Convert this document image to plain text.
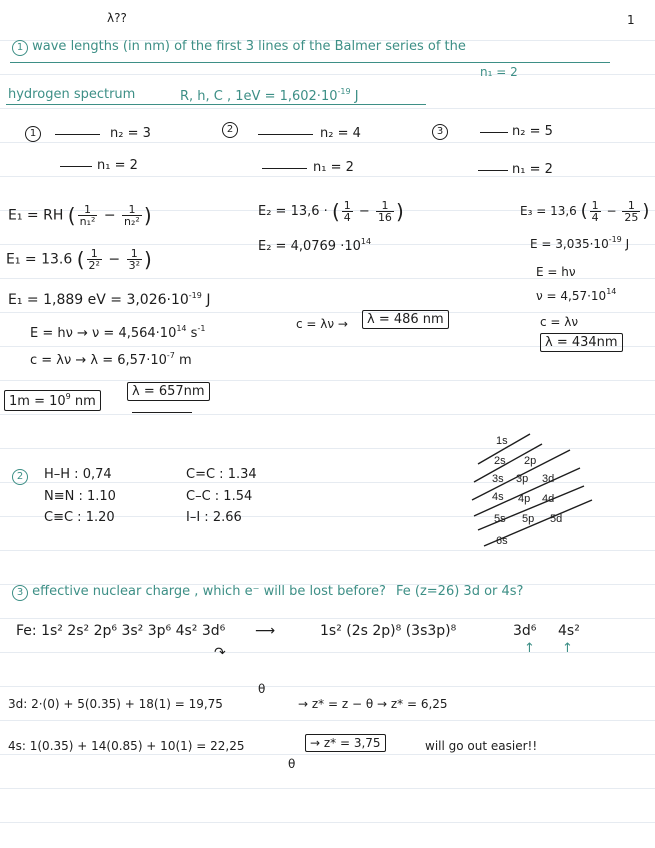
1
λ??
1 wave lengths (in nm) of the first 3 lines of the Balmer series of the
n₁ = 2
hydrogen spectrum	R, h, C , $1eV = 1,602\cdot 10^{-19}$ J
1	n₂ = 3
n₁ = 2
2	n₂ = 4
n₁ = 2
3	n₂ = 5
n₁ = 2
E₁ = RH ( $\frac{1}{\text{n₁²}} - \frac{1}{\text{n₂²}}$ )
E₁ = 13.6 ( $\frac{1}{\text{2²}} - \frac{1}{\text{3²}}$ )
E₁ = 1,889 eV = $3,026\cdot 10^{-19}$ J
$E = h\nu \to \nu = 4,564\cdot 10^{14}$ $s^{-1}$
$c = \lambda\nu \to \lambda = 6,57\cdot 10^{-7}$ m
$1m = 10^9$ nm
λ = 657nm
E₂ = 13,6 · ( $\frac{1}{4} - \frac{1}{16}$ )
$E_2 = 4,0769 \cdot 10^{14}$
c = λν →	λ = 486 nm
E₃ = 13,6 ( $\frac{1}{4} - \frac{1}{25}$ )
$E = 3,035\cdot 10^{-19}$ J
E = hν
$\nu = 4,57\cdot 10^{14}$
c = λν
λ = 434nm
2	H–H : 0,74
N≡N : 1.10
C≡C : 1.20
C=C : 1.34
C–C : 1.54
I–I : 2.66
1s
2s 2p
3s 3p 3d
4s 4p 4d
5s 5p 5d
6s
3 effective nuclear charge , which e⁻ will be lost before? Fe (z=26) 3d or 4s?
Fe: 1s² 2s² 2p⁶ 3s² 3p⁶ 4s² 3d⁶ ⟶	1s² (2s 2p)⁸ (3s3p)⁸	3d⁶ 4s²
↑ ↑
↷
θ
3d: 2·(0) + 5(0.35) + 18(1) = 19,75	→ z* = z − θ → z* = 6,25
4s: 1(0.35) + 14(0.85) + 10(1) = 22,25	→ z* = 3,75	will go out easier!!
θ
